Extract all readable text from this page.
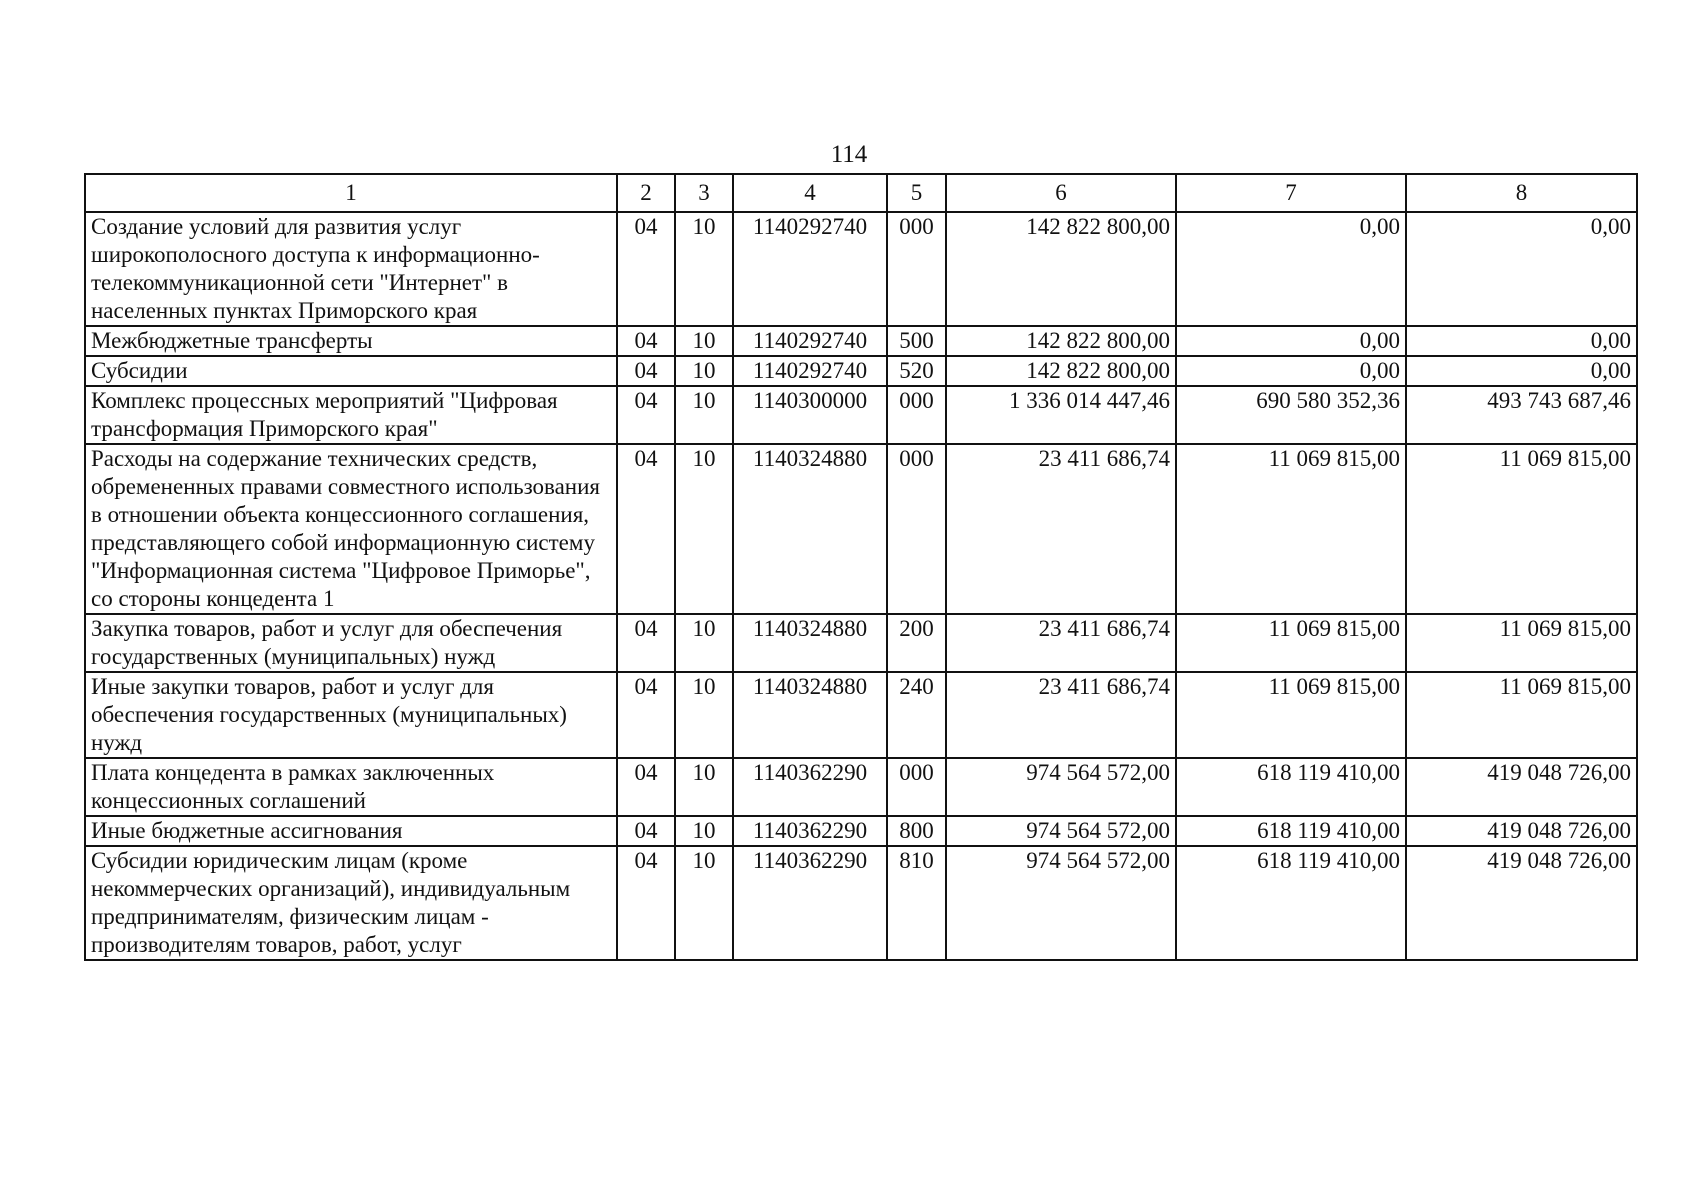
114
1	2	3	4	5	6	7	8
Создание условий для развития услуг широкополосного доступа к информационно-телекоммуникационной сети "Интернет" в населенных пунктах Приморского края	04	10	1140292740	000	142 822 800,00	0,00	0,00
Межбюджетные трансферты	04	10	1140292740	500	142 822 800,00	0,00	0,00
Субсидии	04	10	1140292740	520	142 822 800,00	0,00	0,00
Комплекс процессных мероприятий "Цифровая трансформация Приморского края"	04	10	1140300000	000	1 336 014 447,46	690 580 352,36	493 743 687,46
Расходы на содержание технических средств, обремененных правами совместного использования в отношении объекта концессионного соглашения, представляющего собой информационную систему "Информационная система "Цифровое Приморье", со стороны концедента 1	04	10	1140324880	000	23 411 686,74	11 069 815,00	11 069 815,00
Закупка товаров, работ и услуг для обеспечения государственных (муниципальных) нужд	04	10	1140324880	200	23 411 686,74	11 069 815,00	11 069 815,00
Иные закупки товаров, работ и услуг для обеспечения государственных (муниципальных) нужд	04	10	1140324880	240	23 411 686,74	11 069 815,00	11 069 815,00
Плата концедента в рамках заключенных концессионных соглашений	04	10	1140362290	000	974 564 572,00	618 119 410,00	419 048 726,00
Иные бюджетные ассигнования	04	10	1140362290	800	974 564 572,00	618 119 410,00	419 048 726,00
Субсидии юридическим лицам (кроме некоммерческих организаций), индивидуальным предпринимателям, физическим лицам - производителям товаров, работ, услуг	04	10	1140362290	810	974 564 572,00	618 119 410,00	419 048 726,00
